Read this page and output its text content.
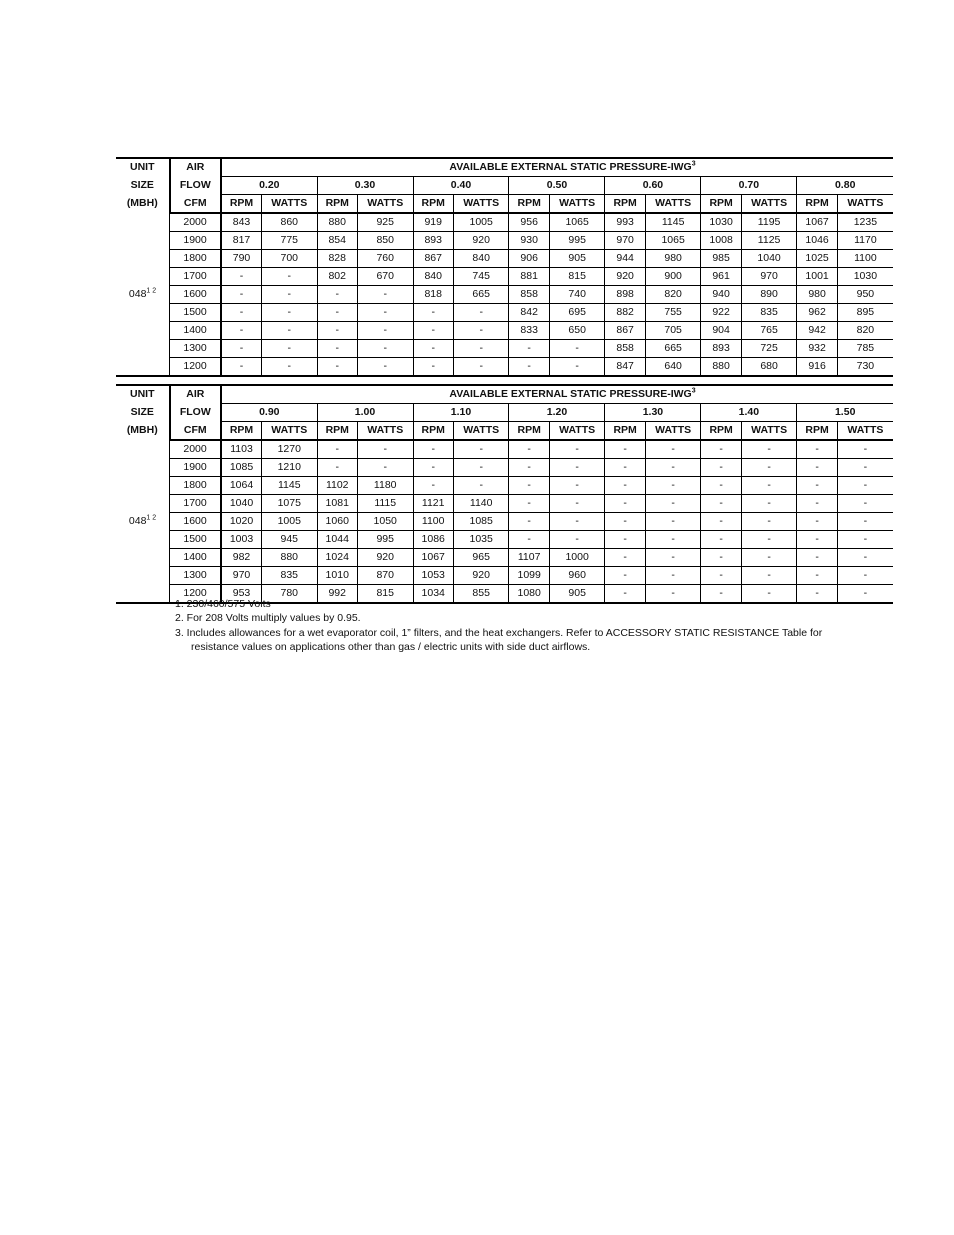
UNIT	AIR	AVAILABLE EXTERNAL STATIC PRESSURE-IWG$^3$
SIZE	FLOW	0.20		0.30		0.40		0.50		0.60		0.70		0.80	
(MBH)	CFM	RPM	WATTS	RPM	WATTS	RPM	WATTS	RPM	WATTS	RPM	WATTS	RPM	WATTS	RPM	WATTS
$048^{1 2}$	2000	843	860	880	925	919	1005	956	1065	993	1145	1030	1195	1067	1235
	1900	817	775	854	850	893	920	930	995	970	1065	1008	1125	1046	1170
	1800	790	700	828	760	867	840	906	905	944	980	985	1040	1025	1100
	1700	-	-	802	670	840	745	881	815	920	900	961	970	1001	1030
	1600	-	-	-	-	818	665	858	740	898	820	940	890	980	950
	1500	-	-	-	-	-	-	842	695	882	755	922	835	962	895
	1400	-	-	-	-	-	-	833	650	867	705	904	765	942	820
	1300	-	-	-	-	-	-	-	-	858	665	893	725	932	785
	1200	-	-	-	-	-	-	-	-	847	640	880	680	916	730
UNIT	AIR	AVAILABLE EXTERNAL STATIC PRESSURE-IWG$^3$
SIZE	FLOW	0.90		1.00		1.10		1.20		1.30		1.40		1.50	
(MBH)	CFM	RPM	WATTS	RPM	WATTS	RPM	WATTS	RPM	WATTS	RPM	WATTS	RPM	WATTS	RPM	WATTS
$048^{1 2}$	2000	1103	1270	-	-	-	-	-	-	-	-	-	-	-	-
	1900	1085	1210	-	-	-	-	-	-	-	-	-	-	-	-
	1800	1064	1145	1102	1180	-	-	-	-	-	-	-	-	-	-
	1700	1040	1075	1081	1115	1121	1140	-	-	-	-	-	-	-	-
	1600	1020	1005	1060	1050	1100	1085	-	-	-	-	-	-	-	-
	1500	1003	945	1044	995	1086	1035	-	-	-	-	-	-	-	-
	1400	982	880	1024	920	1067	965	1107	1000	-	-	-	-	-	-
	1300	970	835	1010	870	1053	920	1099	960	-	-	-	-	-	-
	1200	953	780	992	815	1034	855	1080	905	-	-	-	-	-	-
1. 230/460/575 Volts
2. For 208 Volts multiply values by 0.95.
3. Includes allowances for a wet evaporator coil, 1” filters, and the heat exchangers. Refer to ACCESSORY STATIC RESISTANCE Table for
resistance values on applications other than gas / electric units with side duct airflows.
